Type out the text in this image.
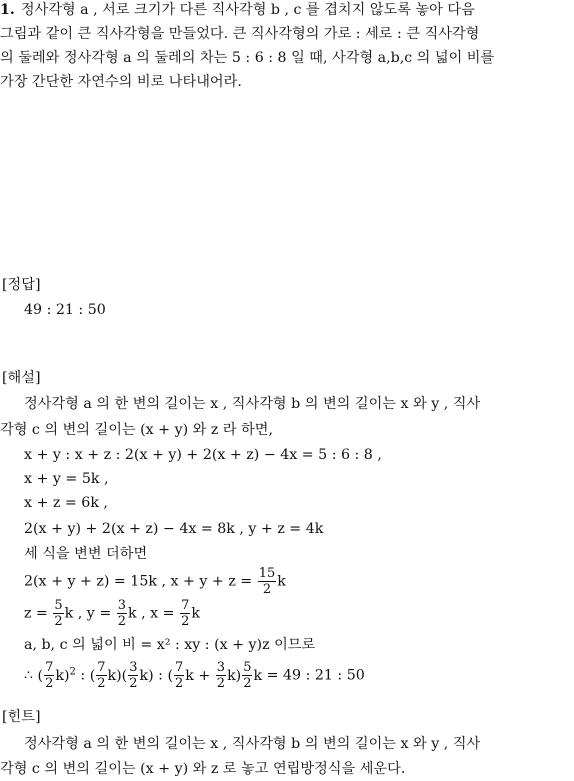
1. 정사각형 a , 서로 크기가 다른 직사각형 b , c 를 겹치지 않도록 놓아 다음
그림과 같이 큰 직사각형을 만들었다. 큰 직사각형의 가로 : 세로 : 큰 직사각형
의 둘레와 정사각형 a 의 둘레의 차는 5 : 6 : 8 일 때, 사각형 a,b,c 의 넓이 비를
가장 간단한 자연수의 비로 나타내어라.
[정답]
49 : 21 : 50
[해설]
정사각형 a 의 한 변의 길이는 x , 직사각형 b 의 변의 길이는 x 와 y , 직사
각형 c 의 변의 길이는 (x + y) 와 z 라 하면,
x + y : x + z : 2(x + y) + 2(x + z) − 4x = 5 : 6 : 8 ,
x + y = 5k ,
x + z = 6k ,
2(x + y) + 2(x + z) − 4x = 8k , y + z = 4k
세 식을 변변 더하면
2(x + y + z) = 15k , $x + y + z = \frac{15}{2}$ k
$z = \frac{5}{2}$ k , $y = \frac{3}{2}$ k , $x = \frac{7}{2}$ k
a, b, c 의 넓이 비 = x² : xy : (x + y)z 이므로
∴ ( $\frac{7}{2} k)^2$ : ( $\frac{7}{2} k)( \frac{3}{2} k)$ : ( $\frac{7}{2}$ $k + \frac{3}{2} k) \frac{5}{2}$ k = 49 : 21 : 50
[힌트]
정사각형 a 의 한 변의 길이는 x , 직사각형 b 의 변의 길이는 x 와 y , 직사
각형 c 의 변의 길이는 (x + y) 와 z 로 놓고 연립방정식을 세운다.
